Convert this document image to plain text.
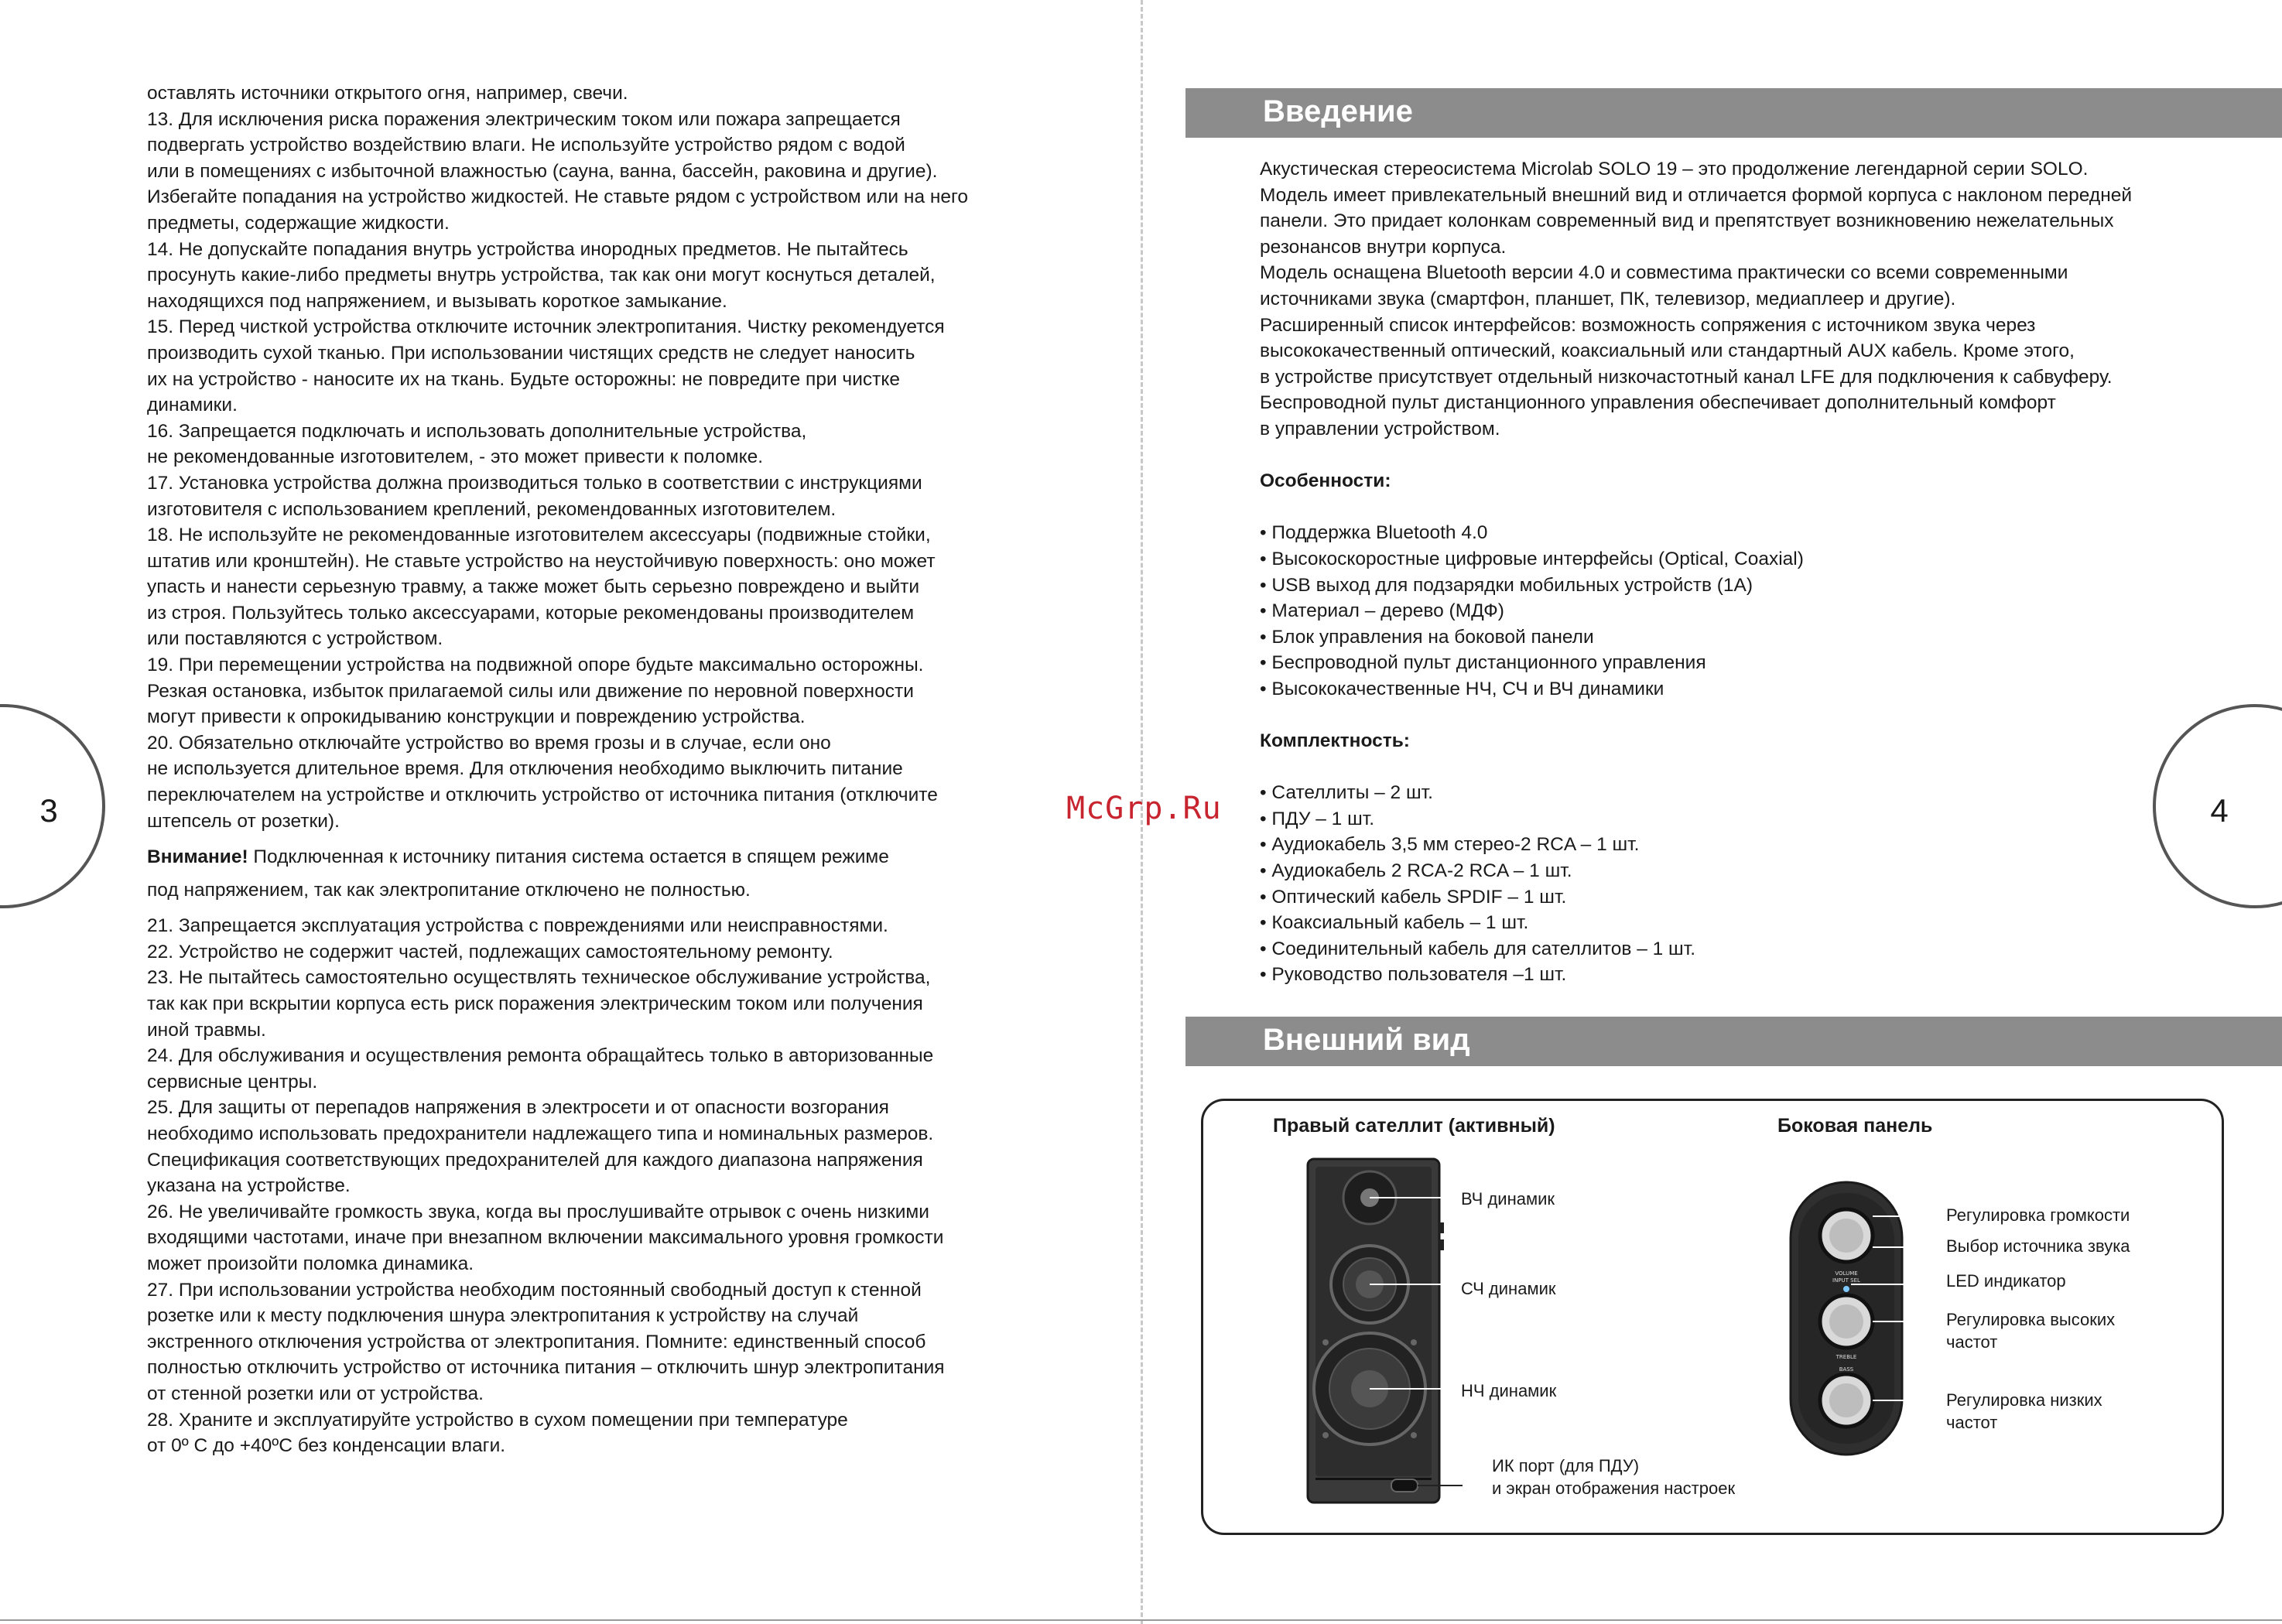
3	4
оставлять источники открытого огня, например, свечи.
13. Для исключения риска поражения электрическим током или пожара запрещается
подвергать устройство воздействию влаги. Не используйте устройство рядом с водой
или в помещениях с избыточной влажностью (сауна, ванна, бассейн, раковина и другие).
Избегайте попадания на устройство жидкостей. Не ставьте рядом с устройством или на него
предметы, содержащие жидкости.
14. Не допускайте попадания внутрь устройства инородных предметов. Не пытайтесь
просунуть какие-либо предметы внутрь устройства, так как они могут коснуться деталей,
находящихся под напряжением, и вызывать короткое замыкание.
15. Перед чисткой устройства отключите источник электропитания. Чистку рекомендуется
производить сухой тканью. При использовании чистящих средств не следует наносить
их на устройство - наносите их на ткань. Будьте осторожны: не повредите при чистке
динамики.
16. Запрещается подключать и использовать дополнительные устройства,
не рекомендованные изготовителем, - это может привести к поломке.
17. Установка устройства должна производиться только в соответствии с инструкциями
изготовителя с использованием креплений, рекомендованных изготовителем.
18. Не используйте не рекомендованные изготовителем аксессуары (подвижные стойки,
штатив или кронштейн). Не ставьте устройство на неустойчивую поверхность: оно может
упасть и нанести серьезную травму, а также может быть серьезно повреждено и выйти
из строя. Пользуйтесь только аксессуарами, которые рекомендованы производителем
или поставляются с устройством.
19. При перемещении устройства на подвижной опоре будьте максимально осторожны.
Резкая остановка, избыток прилагаемой силы или движение по неровной поверхности
могут привести к опрокидыванию конструкции и повреждению устройства.
20. Обязательно отключайте устройство во время грозы и в случае, если оно
не используется длительное время. Для отключения необходимо выключить питание
переключателем на устройстве и отключить устройство от источника питания (отключите
штепсель от розетки).
Внимание! Подключенная к источнику питания система остается в спящем режиме
под напряжением, так как электропитание отключено не полностью.
21. Запрещается эксплуатация устройства с повреждениями или неисправностями.
22. Устройство не содержит частей, подлежащих самостоятельному ремонту.
23. Не пытайтесь самостоятельно осуществлять техническое обслуживание устройства,
так как при вскрытии корпуса есть риск поражения электрическим током или получения
иной травмы.
24. Для обслуживания и осуществления ремонта обращайтесь только в авторизованные
сервисные центры.
25. Для защиты от перепадов напряжения в электросети и от опасности возгорания
необходимо использовать предохранители надлежащего типа и номинальных размеров.
Спецификация соответствующих предохранителей для каждого диапазона напряжения
указана на устройстве.
26. Не увеличивайте громкость звука, когда вы прослушивайте отрывок с очень низкими
входящими частотами, иначе при внезапном включении максимального уровня громкости
может произойти поломка динамика.
27. При использовании устройства необходим постоянный свободный доступ к стенной
розетке или к месту подключения шнура электропитания к устройству на случай
экстренного отключения устройства от электропитания. Помните: единственный способ
полностью отключить устройство от источника питания – отключить шнур электропитания
от стенной розетки или от устройства.
28. Храните и эксплуатируйте устройство в сухом помещении при температуре
от 0º С до +40ºС без конденсации влаги.
McGrp.Ru
Введение
Акустическая стереосистема Microlab SOLO 19 – это продолжение легендарной серии SOLO.
Модель имеет привлекательный внешний вид и отличается формой корпуса с наклоном передней
панели. Это придает колонкам современный вид и препятствует возникновению нежелательных
резонансов внутри корпуса.
Модель оснащена Bluetooth версии 4.0 и совместима практически со всеми современными
источниками звука (смартфон, планшет, ПК, телевизор, медиаплеер и другие).
Расширенный список интерфейсов: возможность сопряжения с источником звука через
высококачественный оптический, коаксиальный или стандартный AUX кабель. Кроме этого,
в устройстве присутствует отдельный низкочастотный канал LFE для подключения к сабвуферу.
Беспроводной пульт дистанционного управления обеспечивает дополнительный комфорт
в управлении устройством.
Особенности:
• Поддержка Bluetooth 4.0
• Высокоскоростные цифровые интерфейсы (Optical, Coaxial)
• USB выход для подзарядки мобильных устройств (1А)
• Материал – дерево (МДФ)
• Блок управления на боковой панели
• Беспроводной пульт дистанционного управления
• Высококачественные НЧ, СЧ и ВЧ динамики
Комплектность:
• Сателлиты – 2 шт.
• ПДУ – 1 шт.
• Аудиокабель 3,5 мм стерео-2 RCA – 1 шт.
• Аудиокабель 2 RCA-2 RCA – 1 шт.
• Оптический кабель SPDIF – 1 шт.
• Коаксиальный кабель – 1 шт.
• Соединительный кабель для сателлитов – 1 шт.
• Руководство пользователя –1 шт.
Внешний вид
Правый сателлит (активный)	Боковая панель
ВЧ динамик
СЧ динамик
НЧ динамик
ИК порт (для ПДУ)
и экран отображения настроек
VOLUME
INPUT SEL
TREBLE
BASS
Регулировка громкости
Выбор источника звука
LED индикатор
Регулировка высоких
частот
Регулировка низких
частот
